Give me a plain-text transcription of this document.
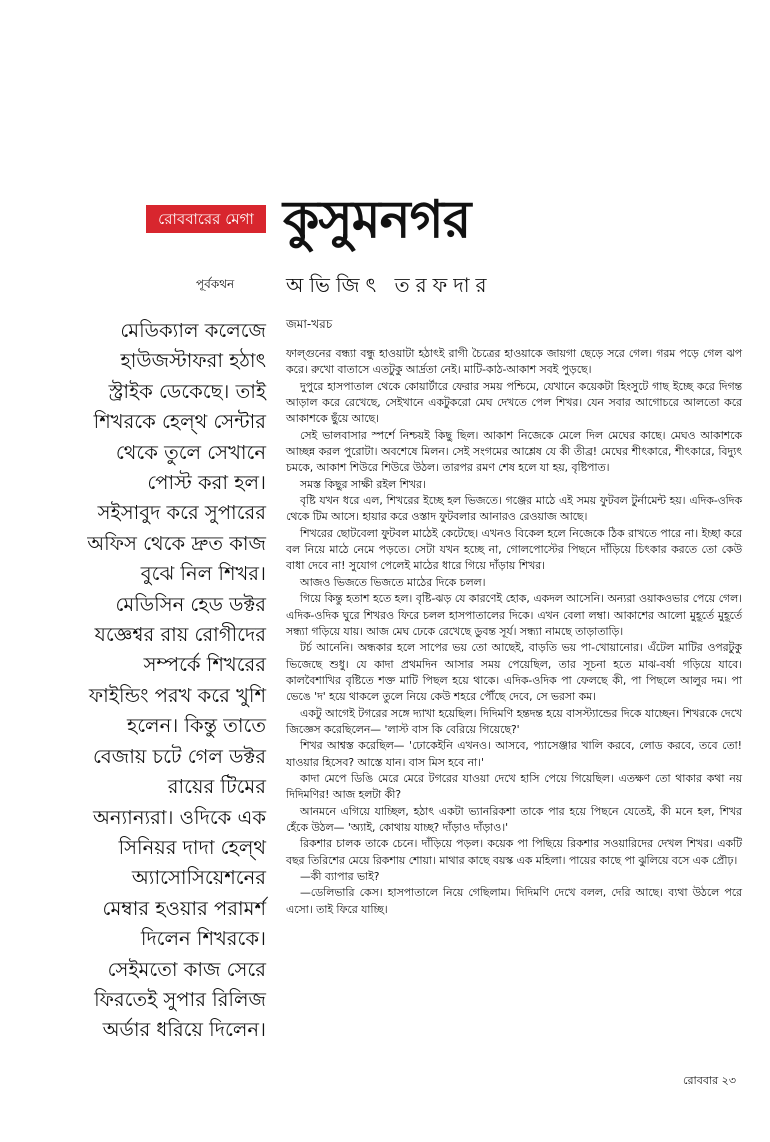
রোববারের মেগা কুসুমনগর
অভিজিৎ তরফদার
পূর্বকথন
মেডিক্যাল কলেজে
হাউজস্টাফরা হঠাৎ
স্ট্রাইক ডেকেছে। তাই
শিখরকে হেল্থ সেন্টার
থেকে তুলে সেখানে
পোস্ট করা হল।
সইসাবুদ করে সুপারের
অফিস থেকে দ্রুত কাজ
বুঝে নিল শিখর।
মেডিসিন হেড ডক্টর
যজ্ঞেশ্বর রায় রোগীদের
সম্পর্কে শিখরের
ফাইন্ডিং পরখ করে খুশি
হলেন। কিন্তু তাতে
বেজায় চটে গেল ডক্টর
রায়ের টিমের
অন্যান্যরা। ওদিকে এক
সিনিয়র দাদা হেল্থ
অ্যাসোসিয়েশনের
মেম্বার হওয়ার পরামর্শ
দিলেন শিখরকে।
সেইমতো কাজ সেরে
ফিরতেই সুপার রিলিজ
অর্ডার ধরিয়ে দিলেন।
জমা-খরচ

ফাল্গুনের বন্ধ্যা বন্ধু হাওয়াটা হঠাৎই রাগী চৈত্রের হাওয়াকে জায়গা ছেড়ে সরে গেল। গরম পড়ে গেল ঝপ করে। রুখো বাতাসে এতটুকু আর্দ্রতা নেই। মাটি-কাঠ-আকাশ সবই পুড়ছে।

দুপুরে হাসপাতাল থেকে কোয়ার্টারে ফেরার সময় পশ্চিমে, যেখানে কয়েকটা হিংসুটে গাছ ইচ্ছে করে দিগন্ত আড়াল করে রেখেছে, সেইখানে একটুকরো মেঘ দেখতে পেল শিখর। যেন সবার আগোচরে আলতো করে আকাশকে ছুঁয়ে আছে।

সেই ভালবাসার স্পর্শে নিশ্চয়ই কিছু ছিল। আকাশ নিজেকে মেলে দিল মেঘের কাছে। মেঘও আকাশকে আচ্ছন্ন করল পুরোটা। অবশেষে মিলন। সেই সংগমের আশ্লেষ যে কী তীব্র! মেঘের শীৎকারে, শীৎকারে, বিদ্যুৎ চমকে, আকাশ শিউরে শিউরে উঠল। তারপর রমণ শেষ হলে যা হয়, বৃষ্টিপাত।

সমস্ত কিছুর সাক্ষী রইল শিখর।

বৃষ্টি যখন ধরে এল, শিখরের ইচ্ছে হল ভিজতে। গঞ্জের মাঠে এই সময় ফুটবল টুর্নামেন্ট হয়। এদিক-ওদিক থেকে টিম আসে। হায়ার করে ওস্তাদ ফুটবলার আনারও রেওয়াজ আছে।

শিখরের ছোটবেলা ফুটবল মাঠেই কেটেছে। এখনও বিকেল হলে নিজেকে ঠিক রাখতে পারে না। ইচ্ছা করে বল নিয়ে মাঠে নেমে পড়তে। সেটা যখন হচ্ছে না, গোলপোস্টের পিছনে দাঁড়িয়ে চিৎকার করতে তো কেউ বাধা দেবে না! সুযোগ পেলেই মাঠের ধারে গিয়ে দাঁড়ায় শিখর।

আজও ভিজতে ভিজতে মাঠের দিকে চলল।

গিয়ে কিন্তু হতাশ হতে হল। বৃষ্টি-ঝড় যে কারণেই হোক, একদল আসেনি। অন্যরা ওয়াকওভার পেয়ে গেল। এদিক-ওদিক ঘুরে শিখরও ফিরে চলল হাসপাতালের দিকে। এখন বেলা লম্বা। আকাশের আলো মুহূর্তে মুহূর্তে সন্ধ্যা গড়িয়ে যায়। আজ মেঘ ঢেকে রেখেছে ডুবন্ত সূর্য। সন্ধ্যা নামছে তাড়াতাড়ি।

টর্চ আনেনি। অন্ধকার হলে সাপের ভয় তো আছেই, বাড়তি ভয় পা-খোয়ানোর। এঁটেল মাটির ওপরটুকু ভিজেছে শুধু। যে কাদা প্রথমদিন আসার সময় পেয়েছিল, তার সূচনা হতে মাঝ-বর্ষা গড়িয়ে যাবে। কালবৈশাখির বৃষ্টিতে শক্ত মাটি পিছল হয়ে থাকে। এদিক-ওদিক পা ফেলছে কী, পা পিছলে আলুর দম। পা ভেঙে 'দ' হয়ে থাকলে তুলে নিয়ে কেউ শহরে পৌঁছে দেবে, সে ভরসা কম।

একটু আগেই টগরের সঙ্গে দ্যাখা হয়েছিল। দিদিমণি হন্তদন্ত হয়ে বাসস্ট্যান্ডের দিকে যাচ্ছেন। শিখরকে দেখে জিজ্ঞেস করেছিলেন— 'লাস্ট বাস কি বেরিয়ে গিয়েছে?'

শিখর আশ্বস্ত করেছিল— 'ঢোকেইনি এখনও। আসবে, প্যাসেঞ্জার খালি করবে, লোড করবে, তবে তো! যাওয়ার হিসেব? আস্তে যান। বাস মিস হবে না।'

কাদা মেপে ডিঙি মেরে মেরে টগরের যাওয়া দেখে হাসি পেয়ে গিয়েছিল। এতক্ষণ তো থাকার কথা নয় দিদিমণির! আজ হলটা কী?

আনমনে এগিয়ে যাচ্ছিল, হঠাৎ একটা ভ্যানরিকশা তাকে পার হয়ে পিছনে যেতেই, কী মনে হল, শিখর হেঁকে উঠল— 'অ্যাই, কোথায় যাচ্ছ? দাঁড়াও দাঁড়াও।'

রিকশার চালক তাকে চেনে। দাঁড়িয়ে পড়ল। কয়েক পা পিছিয়ে রিকশার সওয়ারিদের দেখল শিখর। একটি বছর তিরিশের মেয়ে রিকশায় শোয়া। মাথার কাছে বয়স্ক এক মহিলা। পায়ের কাছে পা ঝুলিয়ে বসে এক প্রৌঢ়।

—কী ব্যাপার ভাই?

—ডেলিভারি কেস। হাসপাতালে নিয়ে গেছিলাম। দিদিমণি দেখে বলল, দেরি আছে। ব্যথা উঠলে পরে এসো। তাই ফিরে যাচ্ছি।

রোববার ২৩
